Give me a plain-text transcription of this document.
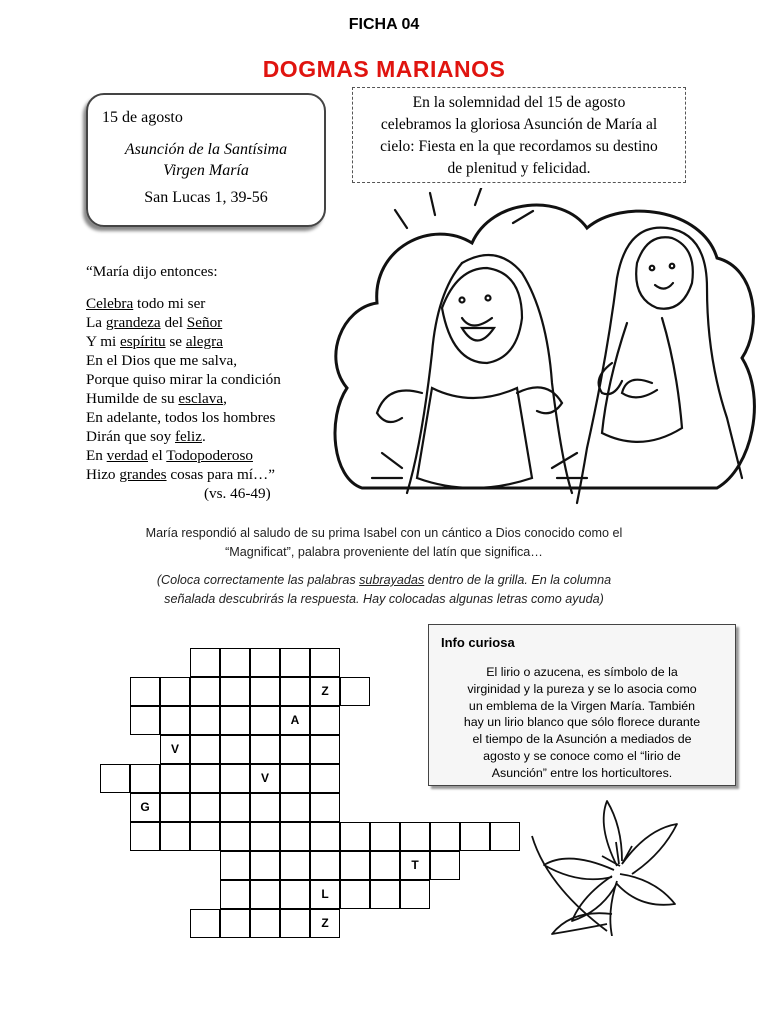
FICHA 04
DOGMAS MARIANOS
15 de agosto
Asunción de la Santísima
Virgen María
San Lucas 1, 39-56
En la solemnidad del 15 de agosto
celebramos la gloriosa Asunción de María al
cielo: Fiesta en la que recordamos su destino
de plenitud y felicidad.
“María dijo entonces:
Celebra todo mi ser
La grandeza del Señor
Y mi espíritu se alegra
En el Dios que me salva,
Porque quiso mirar la condición
Humilde de su esclava,
En adelante, todos los hombres
Dirán que soy feliz.
En verdad el Todopoderoso
Hizo grandes cosas para mí…”
(vs. 46-49)
María respondió al saludo de su prima Isabel con un cántico a Dios conocido como el
“Magnificat”, palabra proveniente del latín que significa…
(Coloca correctamente las palabras subrayadas dentro de la grilla. En la columna
señalada descubrirás la respuesta. Hay colocadas algunas letras como ayuda)
Info curiosa
El lirio o azucena, es símbolo de la
virginidad y la pureza y se lo asocia como
un emblema de la Virgen María. También
hay un lirio blanco que sólo florece durante
el tiempo de la Asunción a mediados de
agosto y se conoce como el “lirio de
Asunción” entre los horticultores.
Z
A
V
V
G
T
L
Z
